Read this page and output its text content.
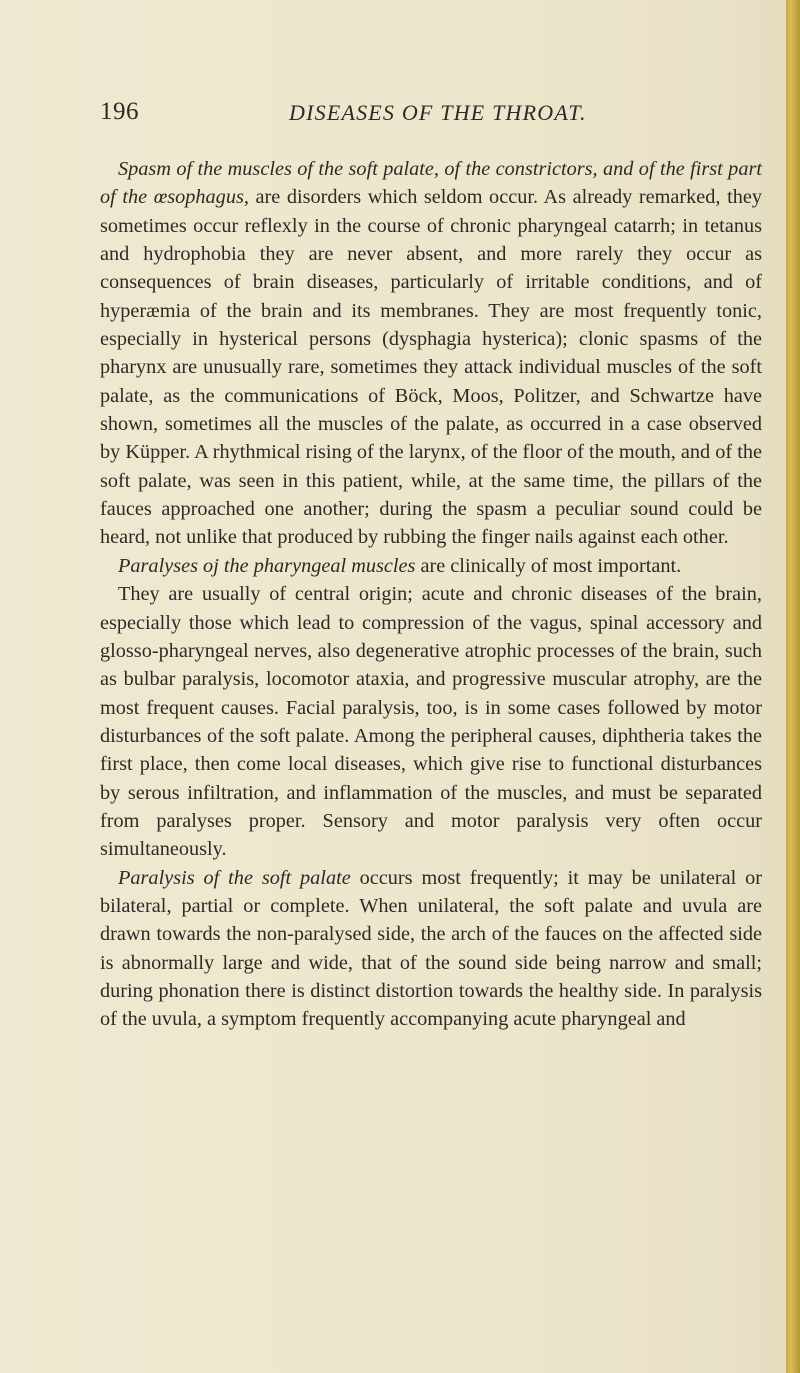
196	DISEASES OF THE THROAT.

Spasm of the muscles of the soft palate, of the constrictors, and of the first part of the œsophagus, are disorders which seldom occur. As already remarked, they sometimes occur reflexly in the course of chronic pharyngeal catarrh; in tetanus and hydrophobia they are never absent, and more rarely they occur as consequences of brain diseases, particularly of irritable conditions, and of hyperæmia of the brain and its membranes. They are most frequently tonic, especially in hysterical persons (dysphagia hysterica); clonic spasms of the pharynx are unusually rare, sometimes they attack individual muscles of the soft palate, as the communications of Böck, Moos, Politzer, and Schwartze have shown, sometimes all the muscles of the palate, as occurred in a case observed by Küpper. A rhythmical rising of the larynx, of the floor of the mouth, and of the soft palate, was seen in this patient, while, at the same time, the pillars of the fauces approached one another; during the spasm a peculiar sound could be heard, not unlike that produced by rubbing the finger nails against each other.

Paralyses oj the pharyngeal muscles are clinically of most important.

They are usually of central origin; acute and chronic diseases of the brain, especially those which lead to compression of the vagus, spinal accessory and glosso-pharyngeal nerves, also degenerative atrophic processes of the brain, such as bulbar paralysis, locomotor ataxia, and progressive muscular atrophy, are the most frequent causes. Facial paralysis, too, is in some cases followed by motor disturbances of the soft palate. Among the peripheral causes, diphtheria takes the first place, then come local diseases, which give rise to functional disturbances by serous infiltration, and inflammation of the muscles, and must be separated from paralyses proper. Sensory and motor paralysis very often occur simultaneously.

Paralysis of the soft palate occurs most frequently; it may be unilateral or bilateral, partial or complete. When unilateral, the soft palate and uvula are drawn towards the non-paralysed side, the arch of the fauces on the affected side is abnormally large and wide, that of the sound side being narrow and small; during phonation there is distinct distortion towards the healthy side. In paralysis of the uvula, a symptom frequently accompanying acute pharyngeal and
